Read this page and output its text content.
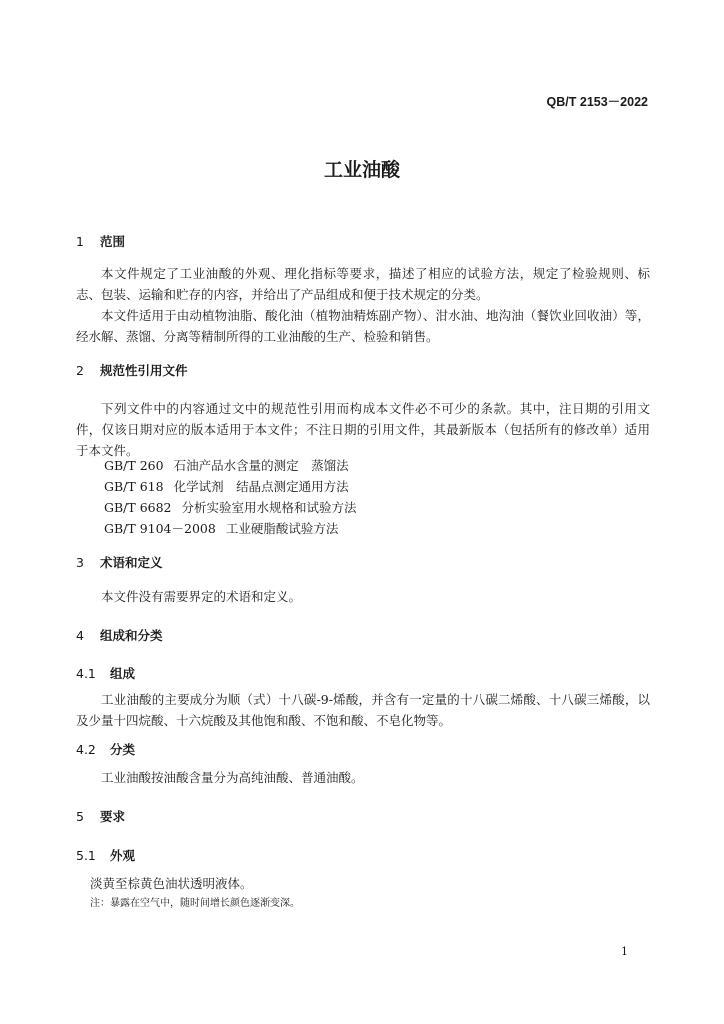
QB/T 2153－2022
工业油酸
1 范围

本文件规定了工业油酸的外观、理化指标等要求，描述了相应的试验方法，规定了检验规则、标志、包装、运输和贮存的内容，并给出了产品组成和便于技术规定的分类。

本文件适用于由动植物油脂、酸化油（植物油精炼副产物）、泔水油、地沟油（餐饮业回收油）等，经水解、蒸馏、分离等精制所得的工业油酸的生产、检验和销售。

2 规范性引用文件

下列文件中的内容通过文中的规范性引用而构成本文件必不可少的条款。其中，注日期的引用文件，仅该日期对应的版本适用于本文件；不注日期的引用文件，其最新版本（包括所有的修改单）适用于本文件。

GB/T 260 石油产品水含量的测定　蒸馏法
GB/T 618 化学试剂　结晶点测定通用方法
GB/T 6682 分析实验室用水规格和试验方法
GB/T 9104－2008 工业硬脂酸试验方法
3 术语和定义

本文件没有需要界定的术语和定义。

4 组成和分类
4.1 组成

工业油酸的主要成分为顺（式）十八碳-9-烯酸，并含有一定量的十八碳二烯酸、十八碳三烯酸，以及少量十四烷酸、十六烷酸及其他饱和酸、不饱和酸、不皂化物等。

4.2 分类

工业油酸按油酸含量分为高纯油酸、普通油酸。

5 要求
5.1 外观
淡黄至棕黄色油状透明液体。
注：暴露在空气中，随时间增长颜色逐渐变深。
1
